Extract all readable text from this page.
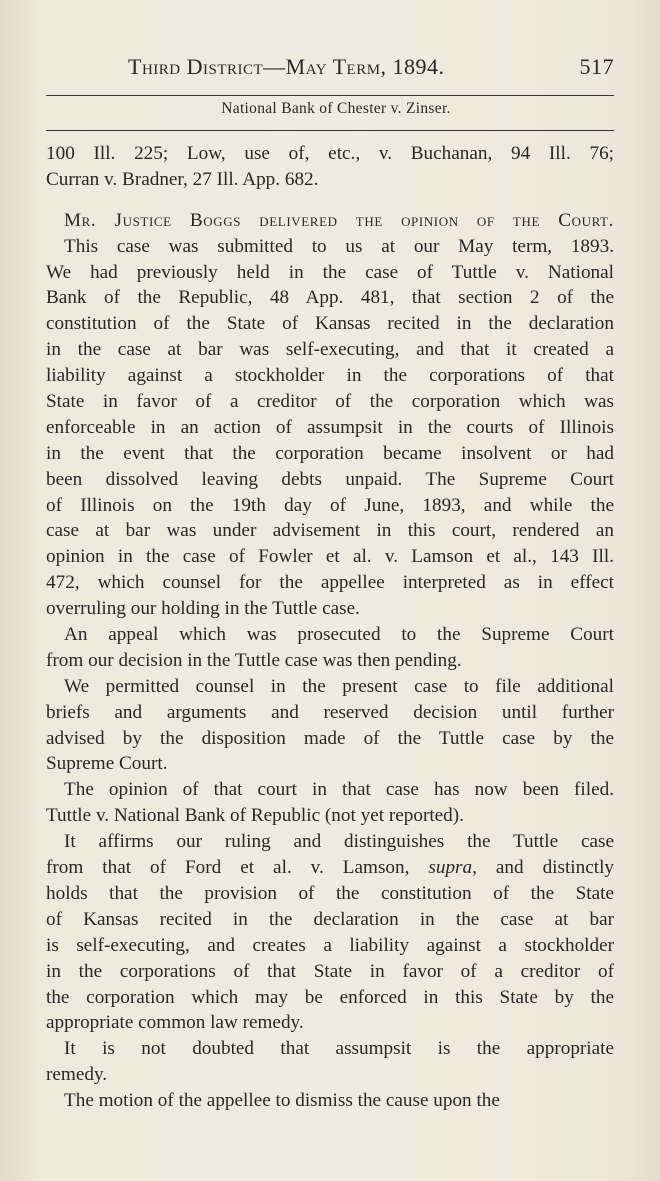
Third District—May Term, 1894.	517
National Bank of Chester v. Zinser.
100 Ill. 225; Low, use of, etc., v. Buchanan, 94 Ill. 76;
Curran v. Bradner, 27 Ill. App. 682.
Mr. Justice Boggs delivered the opinion of the Court.
This case was submitted to us at our May term, 1893.
We had previously held in the case of Tuttle v. National
Bank of the Republic, 48 App. 481, that section 2 of the
constitution of the State of Kansas recited in the declaration
in the case at bar was self-executing, and that it created a
liability against a stockholder in the corporations of that
State in favor of a creditor of the corporation which was
enforceable in an action of assumpsit in the courts of Illinois
in the event that the corporation became insolvent or had
been dissolved leaving debts unpaid. The Supreme Court
of Illinois on the 19th day of June, 1893, and while the
case at bar was under advisement in this court, rendered an
opinion in the case of Fowler et al. v. Lamson et al., 143 Ill.
472, which counsel for the appellee interpreted as in effect
overruling our holding in the Tuttle case.
An appeal which was prosecuted to the Supreme Court
from our decision in the Tuttle case was then pending.
We permitted counsel in the present case to file additional
briefs and arguments and reserved decision until further
advised by the disposition made of the Tuttle case by the
Supreme Court.
The opinion of that court in that case has now been filed.
Tuttle v. National Bank of Republic (not yet reported).
It affirms our ruling and distinguishes the Tuttle case
from that of Ford et al. v. Lamson, supra, and distinctly
holds that the provision of the constitution of the State
of Kansas recited in the declaration in the case at bar
is self-executing, and creates a liability against a stockholder
in the corporations of that State in favor of a creditor of
the corporation which may be enforced in this State by the
appropriate common law remedy.
It is not doubted that assumpsit is the appropriate
remedy.
The motion of the appellee to dismiss the cause upon the
